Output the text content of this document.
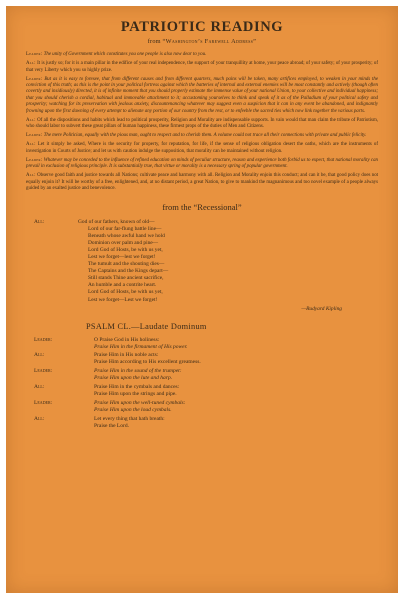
PATRIOTIC READING
from “Washington’s Farewell Address”

Leader: The unity of Government which constitutes you one people is also now dear to you.

All: It is justly so; for it is a main pillar in the edifice of your real independence, the support of your tranquillity at home, your peace abroad; of your safety; of your prosperity; of that very Liberty which you so highly prize.

Leader: But as it is easy to foresee, that from different causes and from different quarters, much pains will be taken, many artifices employed, to weaken in your minds the conviction of this truth; as this is the point in your political fortress against which the batteries of internal and external enemies will be most constantly and actively (though often covertly and insidiously) directed, it is of infinite moment that you should properly estimate the immense value of your national Union, to your collective and individual happiness; that you should cherish a cordial, habitual and immovable attachment to it; accustoming yourselves to think and speak of it as of the Palladium of your political safety and prosperity; watching for its preservation with jealous anxiety, discountenancing whatever may suggest even a suspicion that it can in any event be abandoned, and indignantly frowning upon the first dawning of every attempt to alienate any portion of our country from the rest, or to enfeeble the sacred ties which now link together the various parts.

All: Of all the dispositions and habits which lead to political prosperity, Religion and Morality are indispensable supports. In vain would that man claim the tribute of Patriotism, who should labor to subvert these great pillars of human happiness, these firmest props of the duties of Men and Citizens.

Leader: The mere Politician, equally with the pious man, ought to respect and to cherish them. A volume could not trace all their connections with private and public felicity.

All: Let it simply be asked, Where is the security for property, for reputation, for life, if the sense of religious obligation desert the oaths, which are the instruments of investigation in Courts of Justice; and let us with caution indulge the supposition, that morality can be maintained without religion.

Leader: Whatever may be conceded to the influence of refined education on minds of peculiar structure, reason and experience both forbid us to expect, that national morality can prevail in exclusion of religious principle. It is substantially true, that virtue or morality is a necessary spring of popular government.

All: Observe good faith and justice towards all Nations; cultivate peace and harmony with all. Religion and Morality enjoin this conduct; and can it be, that good policy does not equally enjoin it? It will be worthy of a free, enlightened, and, at no distant period, a great Nation, to give to mankind the magnanimous and too novel example of a people always guided by an exalted justice and benevolence.

from the “Recessional”
All:	God of our fathers, known of old—
Lord of our far-flung battle line—
Beneath whose awful hand we hold
Dominion over palm and pine—
Lord God of Hosts, be with us yet,
Lest we forget—lest we forget!
The tumult and the shouting dies—
The Captains and the Kings depart—
Still stands Thine ancient sacrifice,
An humble and a contrite heart.
Lord God of Hosts, be with us yet,
Lest we forget—Lest we forget!
—Rudyard Kipling
PSALM CL.—Laudate Dominum
Leader:	O Praise God in His holiness:
Praise Him in the firmament of His power.
All:	Praise Him in His noble acts:
Praise Him according to His excellent greatness.
Leader:	Praise Him in the sound of the trumpet:
Praise Him upon the lute and harp.
All:	Praise Him in the cymbals and dances:
Praise Him upon the strings and pipe.
Leader:	Praise Him upon the well-tuned cymbals:
Praise Him upon the loud cymbals.
All:	Let every thing that hath breath:
Praise the Lord.
